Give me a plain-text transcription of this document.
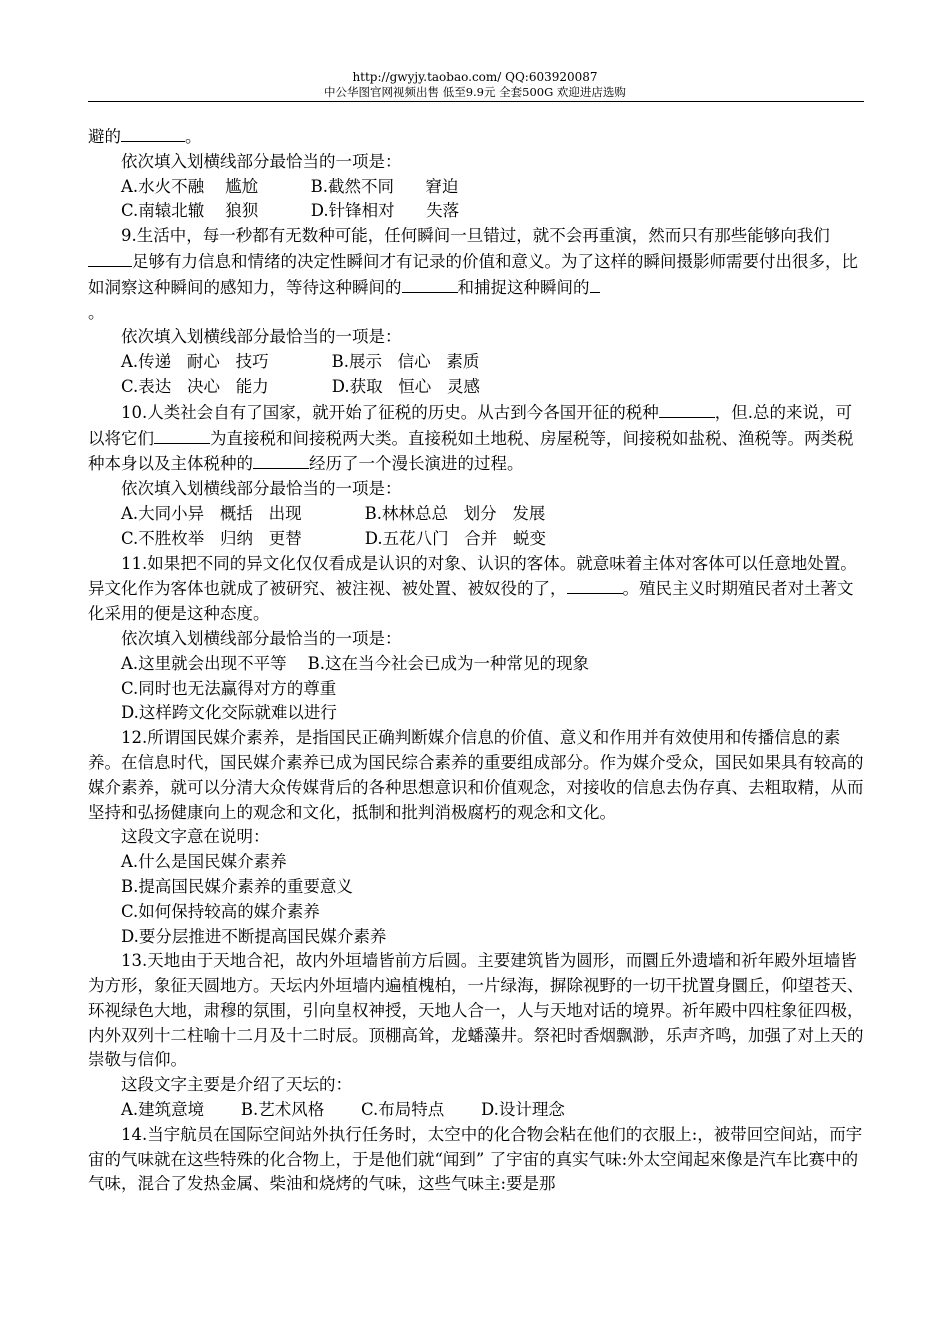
http://gwyjy.taobao.com/ QQ:603920087
中公华图官网视频出售 低至9.9元 全套500G 欢迎进店选购

避的	。

依次填入划横线部分最恰当的一项是：

A.水火不融    尴尬          B.截然不同      窘迫

C.南辕北辙    狼狈          D.针锋相对      失落

9.生活中，每一秒都有无数种可能，任何瞬间一旦错过，就不会再重演，然而只有那些能够向我们足够有力信息和情绪的决定性瞬间才有记录的价值和意义。为了这样的瞬间摄影师需要付出很多，比如洞察这种瞬间的感知力，等待这种瞬间的	和捕捉这种瞬间的
。

依次填入划横线部分最恰当的一项是：

A.传递   耐心   技巧            B.展示   信心   素质

C.表达   决心   能力            D.获取   恒心   灵感

10.人类社会自有了国家，就开始了征税的历史。从古到今各国开征的税种	，但.总的来说，可以将它们	为直接税和间接税两大类。直接税如土地税、房屋税等，间接税如盐税、渔税等。两类税种本身以及主体税种的	经历了一个漫长演进的过程。

依次填入划横线部分最恰当的一项是：

A.大同小异   概括   出现            B.林林总总   划分   发展

C.不胜枚举   归纳   更替            D.五花八门   合并   蜕变

11.如果把不同的异文化仅仅看成是认识的对象、认识的客体。就意味着主体对客体可以任意地处置。异文化作为客体也就成了被研究、被注视、被处置、被奴役的了，	。殖民主义时期殖民者对土著文化采用的便是这种态度。

依次填入划横线部分最恰当的一项是：

A.这里就会出现不平等    B.这在当今社会已成为一种常见的现象

C.同时也无法赢得对方的尊重

D.这样跨文化交际就难以进行

12.所谓国民媒介素养，是指国民正确判断媒介信息的价值、意义和作用并有效使用和传播信息的素养。在信息时代，国民媒介素养已成为国民综合素养的重要组成部分。作为媒介受众，国民如果具有较高的媒介素养，就可以分清大众传媒背后的各种思想意识和价值观念，对接收的信息去伪存真、去粗取精，从而坚持和弘扬健康向上的观念和文化，抵制和批判消极腐朽的观念和文化。

这段文字意在说明：

A.什么是国民媒介素养

B.提高国民媒介素养的重要意义

C.如何保持较高的媒介素养

D.要分层推进不断提高国民媒介素养

13.天地由于天地合祀，故内外垣墙皆前方后圆。主要建筑皆为圆形，而圜丘外遗墙和祈年殿外垣墙皆为方形，象征天圆地方。天坛内外垣墙内遍植槐柏，一片绿海，摒除视野的一切干扰置身圜丘，仰望苍天、环视绿色大地，肃穆的氛围，引向皇权神授，天地人合一，人与天地对话的境界。祈年殿中四柱象征四极，内外双列十二柱喻十二月及十二时辰。顶棚高耸，龙蟠藻井。祭祀时香烟飘渺，乐声齐鸣，加强了对上天的崇敬与信仰。

这段文字主要是介绍了天坛的：

A.建筑意境       B.艺术风格       C.布局特点       D.设计理念

14.当宇航员在国际空间站外执行任务时，太空中的化合物会粘在他们的衣服上:，被带回空间站，而宇宙的气味就在这些特殊的化合物上，于是他们就“闻到” 了宇宙的真实气味:外太空闻起來像是汽车比赛中的气味，混合了发热金属、柴油和烧烤的气味，这些气味主:要是那
